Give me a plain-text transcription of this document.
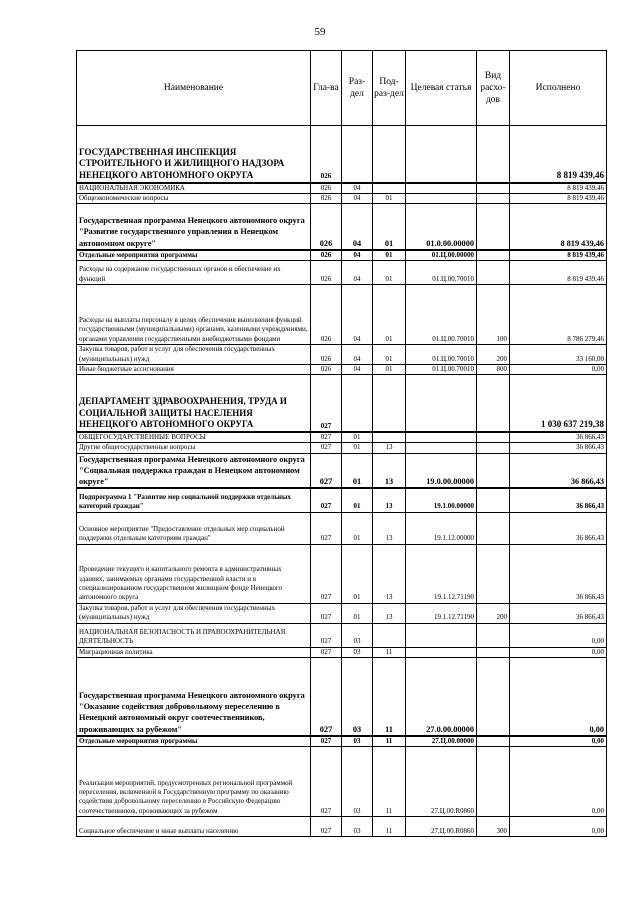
59
Наименование	Гла-ва	Раз-дел	Под-раз-дел	Целевая статья	Вид расхо-дов	Исполнено
ГОСУДАРСТВЕННАЯ ИНСПЕКЦИЯ СТРОИТЕЛЬНОГО И ЖИЛИЩНОГО НАДЗОРА НЕНЕЦКОГО АВТОНОМНОГО ОКРУГА	026					8 819 439,46
НАЦИОНАЛЬНАЯ ЭКОНОМИКА	026	04				8 819 439,46
Общеэкономические вопросы	026	04	01			8 819 439,46
Государственная программа Ненецкого автономного округа "Развитие государственного управления в Ненецком автономном округе"	026	04	01	01.0.00.00000		8 819 439,46
Отдельные мероприятия программы	026	04	01	01.Ц.00.00000		8 819 439,46
Расходы на содержание государственных органов и обеспечение их функций	026	04	01	01.Ц.00.70010		8 819 439,46
Расходы на выплаты персоналу в целях обеспечения выполнения функций государственными (муниципальными) органами, казенными учреждениями, органами управления государственными внебюджетными фондами	026	04	01	01.Ц.00.70010	100	8 786 279,46
Закупка товаров, работ и услуг для обеспечения государственных (муниципальных) нужд	026	04	01	01.Ц.00.70010	200	33 160,00
Иные бюджетные ассигнования	026	04	01	01.Ц.00.70010	800	0,00
ДЕПАРТАМЕНТ ЗДРАВООХРАНЕНИЯ, ТРУДА И СОЦИАЛЬНОЙ ЗАЩИТЫ НАСЕЛЕНИЯ НЕНЕЦКОГО АВТОНОМНОГО ОКРУГА	027					1 030 637 219,38
ОБЩЕГОСУДАРСТВЕННЫЕ ВОПРОСЫ	027	01				36 866,43
Другие общегосударственные вопросы	027	01	13			36 866,43
Государственная программа Ненецкого автономного округа "Социальная поддержка граждан в Ненецком автономном округе"	027	01	13	19.0.00.00000		36 866,43
Подпрограмма 1 "Развитие мер социальной поддержки отдельных категорий граждан"	027	01	13	19.1.00.00000		36 866,43
Основное мероприятие "Предоставление отдельных мер социальной поддержки отдельным категориям граждан"	027	01	13	19.1.12.00000		36 866,43
Проведение текущего и капитального ремонта в административных зданиях, занимаемых органами государственной власти и в специализированном государственном жилищном фонде Ненецкого автономного округа	027	01	13	19.1.12.71190		36 866,43
Закупка товаров, работ и услуг для обеспечения государственных (муниципальных) нужд	027	01	13	19.1.12.71190	200	36 866,43
НАЦИОНАЛЬНАЯ БЕЗОПАСНОСТЬ И ПРАВООХРАНИТЕЛЬНАЯ ДЕЯТЕЛЬНОСТЬ	027	03				0,00
Миграционная политика	027	03	11			0,00
Государственная программа Ненецкого автономного округа "Оказание содействия добровольному переселению в Ненецкий автономный округ соотечественников, проживающих за рубежом"	027	03	11	27.0.00.00000		0,00
Отдельные мероприятия программы	027	03	11	27.Ц.00.00000		0,00
Реализация мероприятий, предусмотренных региональной программой переселения, включенной в Государственную программу по оказанию содействия добровольному переселению в Российскую Федерацию соотечественников, проживающих за рубежом	027	03	11	27.Ц.00.R0860		0,00
Социальное обеспечение и иные выплаты населению	027	03	11	27.Ц.00.R0860	300	0,00
